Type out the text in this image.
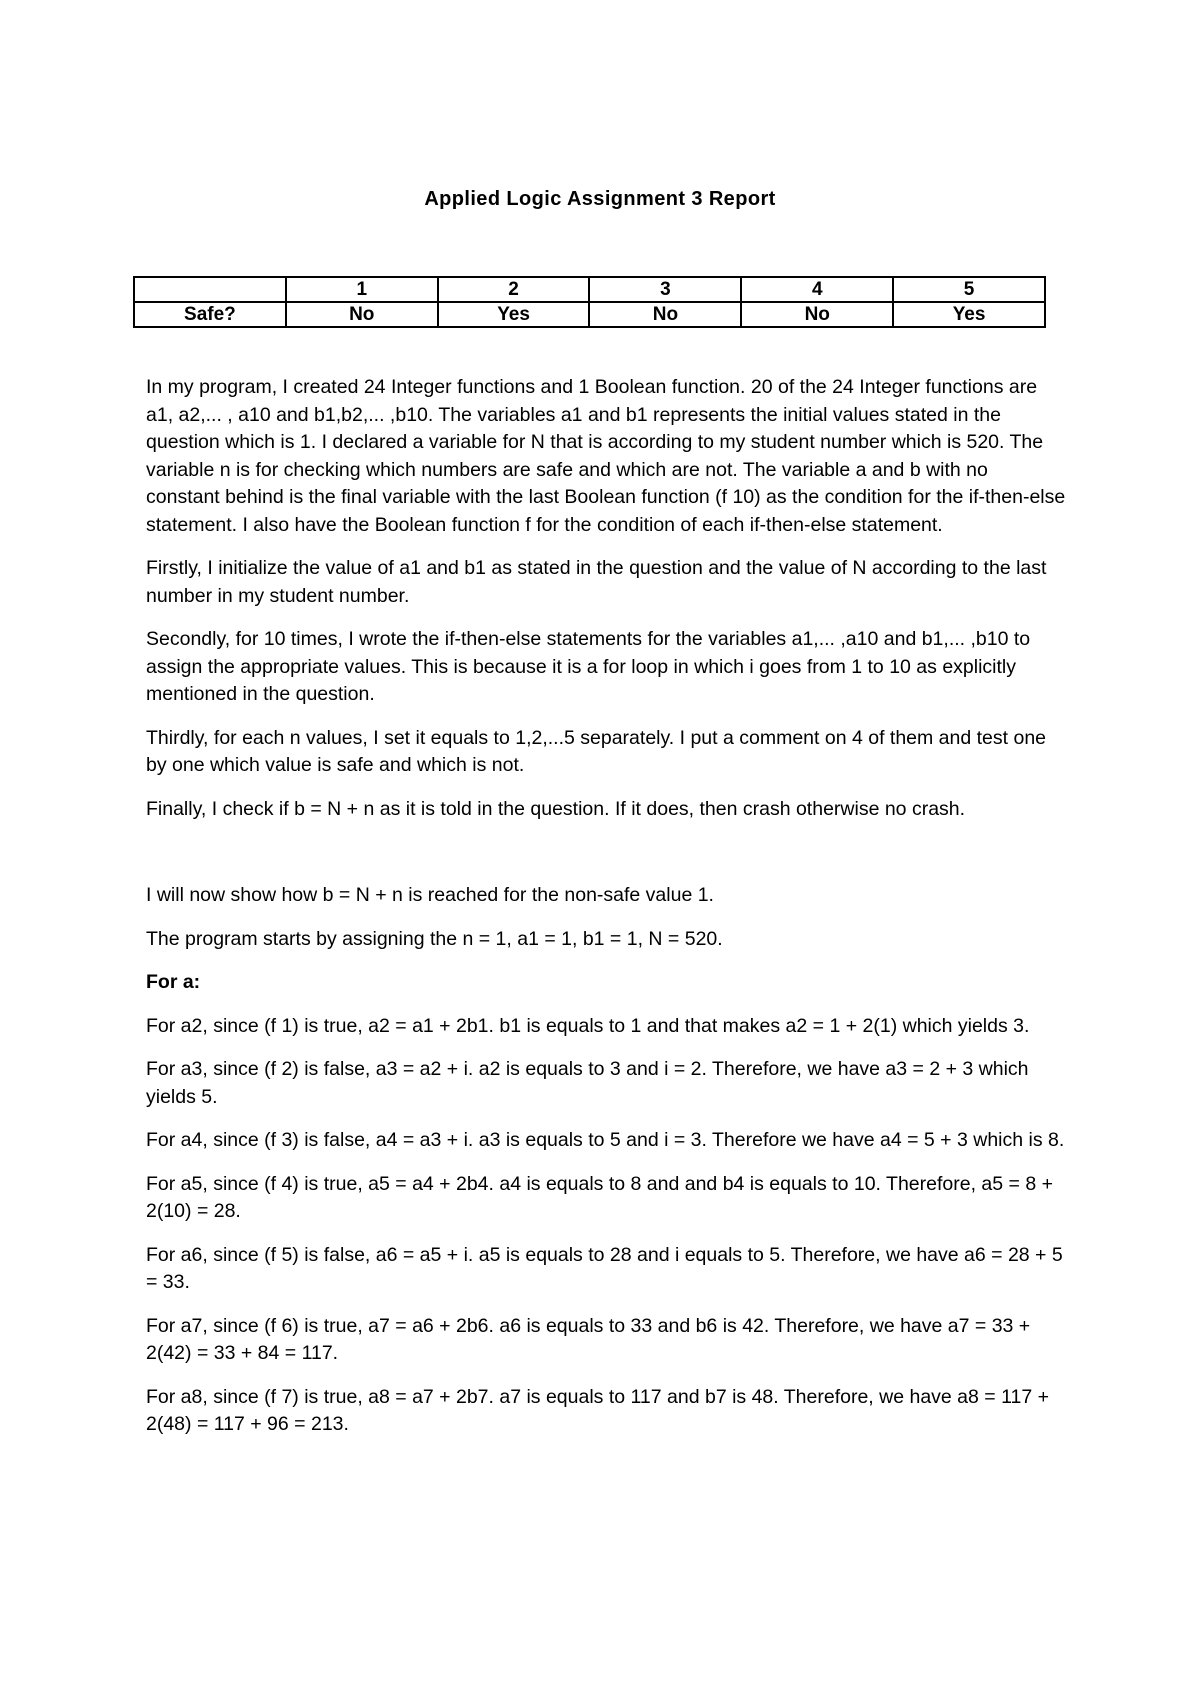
Applied Logic Assignment 3 Report
	1	2	3	4	5
Safe?	No	Yes	No	No	Yes

In my program, I created 24 Integer functions and 1 Boolean function. 20 of the 24 Integer functions are a1, a2,... , a10 and b1,b2,... ,b10. The variables a1 and b1 represents the initial values stated in the question which is 1. I declared a variable for N that is according to my student number which is 520. The variable n is for checking which numbers are safe and which are not. The variable a and b with no constant behind is the final variable with the last Boolean function (f 10) as the condition for the if-then-else statement. I also have the Boolean function f for the condition of each if-then-else statement.

Firstly, I initialize the value of a1 and b1 as stated in the question and the value of N according to the last number in my student number.

Secondly, for 10 times, I wrote the if-then-else statements for the variables a1,... ,a10 and b1,... ,b10 to assign the appropriate values. This is because it is a for loop in which i goes from 1 to 10 as explicitly mentioned in the question.

Thirdly, for each n values, I set it equals to 1,2,...5 separately. I put a comment on 4 of them and test one by one which value is safe and which is not.

Finally, I check if b = N + n as it is told in the question. If it does, then crash otherwise no crash.

I will now show how b = N + n is reached for the non-safe value 1.

The program starts by assigning the n = 1, a1 = 1, b1 = 1, N = 520.

For a:

For a2, since (f 1) is true, a2 = a1 + 2b1. b1 is equals to 1 and that makes a2 = 1 + 2(1) which yields 3.

For a3, since (f 2) is false, a3 = a2 + i. a2 is equals to 3 and i = 2. Therefore, we have a3 = 2 + 3 which yields 5.

For a4, since (f 3) is false, a4 = a3 + i. a3 is equals to 5 and i = 3. Therefore we have a4 = 5 + 3 which is 8.

For a5, since (f 4) is true, a5 = a4 + 2b4. a4 is equals to 8 and and b4 is equals to 10. Therefore, a5 = 8 + 2(10) = 28.

For a6, since (f 5) is false, a6 = a5 + i. a5 is equals to 28 and i equals to 5. Therefore, we have a6 = 28 + 5 = 33.

For a7, since (f 6) is true, a7 = a6 + 2b6. a6 is equals to 33 and b6 is 42. Therefore, we have a7 = 33 + 2(42) = 33 + 84 = 117.

For a8, since (f 7) is true, a8 = a7 + 2b7. a7 is equals to 117 and b7 is 48. Therefore, we have a8 = 117 + 2(48) = 117 + 96 = 213.
